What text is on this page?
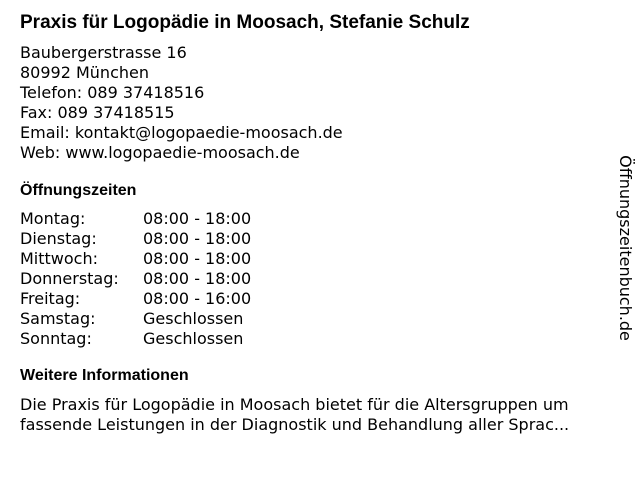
Praxis für Logopädie in Moosach, Stefanie Schulz
Baubergerstrasse 16
80992 München
Telefon: 089 37418516
Fax: 089 37418515
Email: kontakt@logopaedie-moosach.de
Web: www.logopaedie-moosach.de
Öffnungszeiten
Montag:	08:00 - 18:00
Dienstag:	08:00 - 18:00
Mittwoch:	08:00 - 18:00
Donnerstag:	08:00 - 18:00
Freitag:	08:00 - 16:00
Samstag:	Geschlossen
Sonntag:	Geschlossen
Weitere Informationen
Die Praxis für Logopädie in Moosach bietet für die Altersgruppen um fassende Leistungen in der Diagnostik und Behandlung aller Sprac...
Öffnungszeitenbuch.de
